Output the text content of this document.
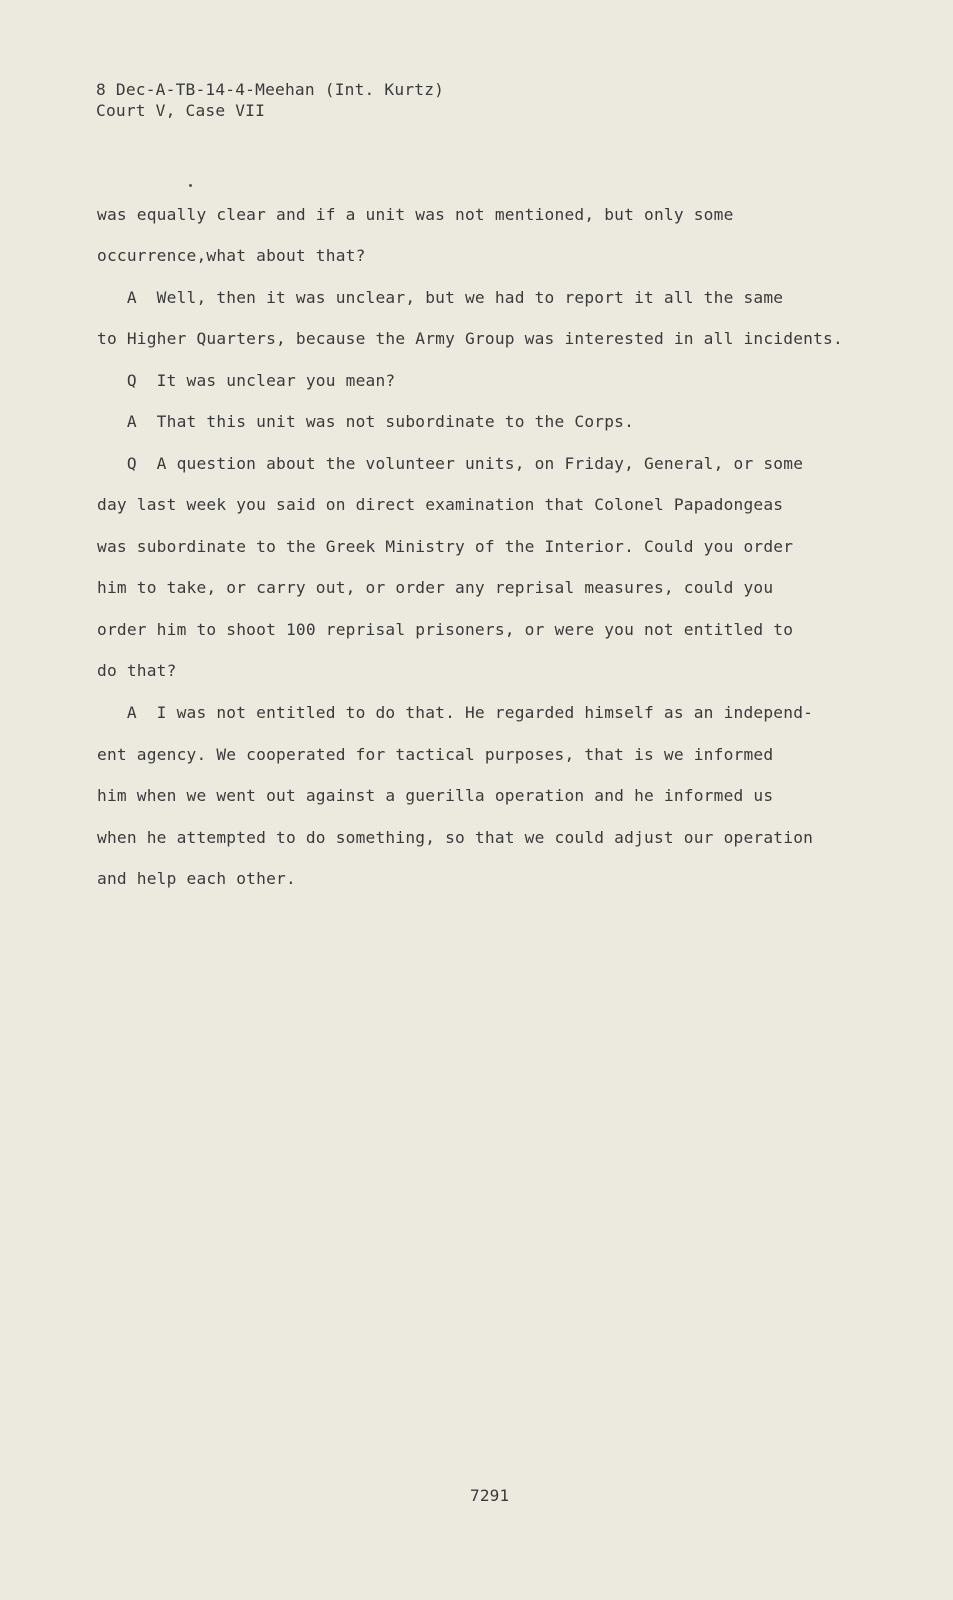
8 Dec-A-TB-14-4-Meehan (Int. Kurtz)
Court V, Case VII
was equally clear and if a unit was not mentioned, but only some
occurrence,what about that?
A  Well, then it was unclear, but we had to report it all the same
to Higher Quarters, because the Army Group was interested in all incidents.
Q  It was unclear you mean?
A  That this unit was not subordinate to the Corps.
Q  A question about the volunteer units, on Friday, General, or some
day last week you said on direct examination that Colonel Papadongeas
was subordinate to the Greek Ministry of the Interior. Could you order
him to take, or carry out, or order any reprisal measures, could you
order him to shoot 100 reprisal prisoners, or were you not entitled to
do that?
A  I was not entitled to do that. He regarded himself as an independ-
ent agency. We cooperated for tactical purposes, that is we informed
him when we went out against a guerilla operation and he informed us
when he attempted to do something, so that we could adjust our operation
and help each other.
7291
